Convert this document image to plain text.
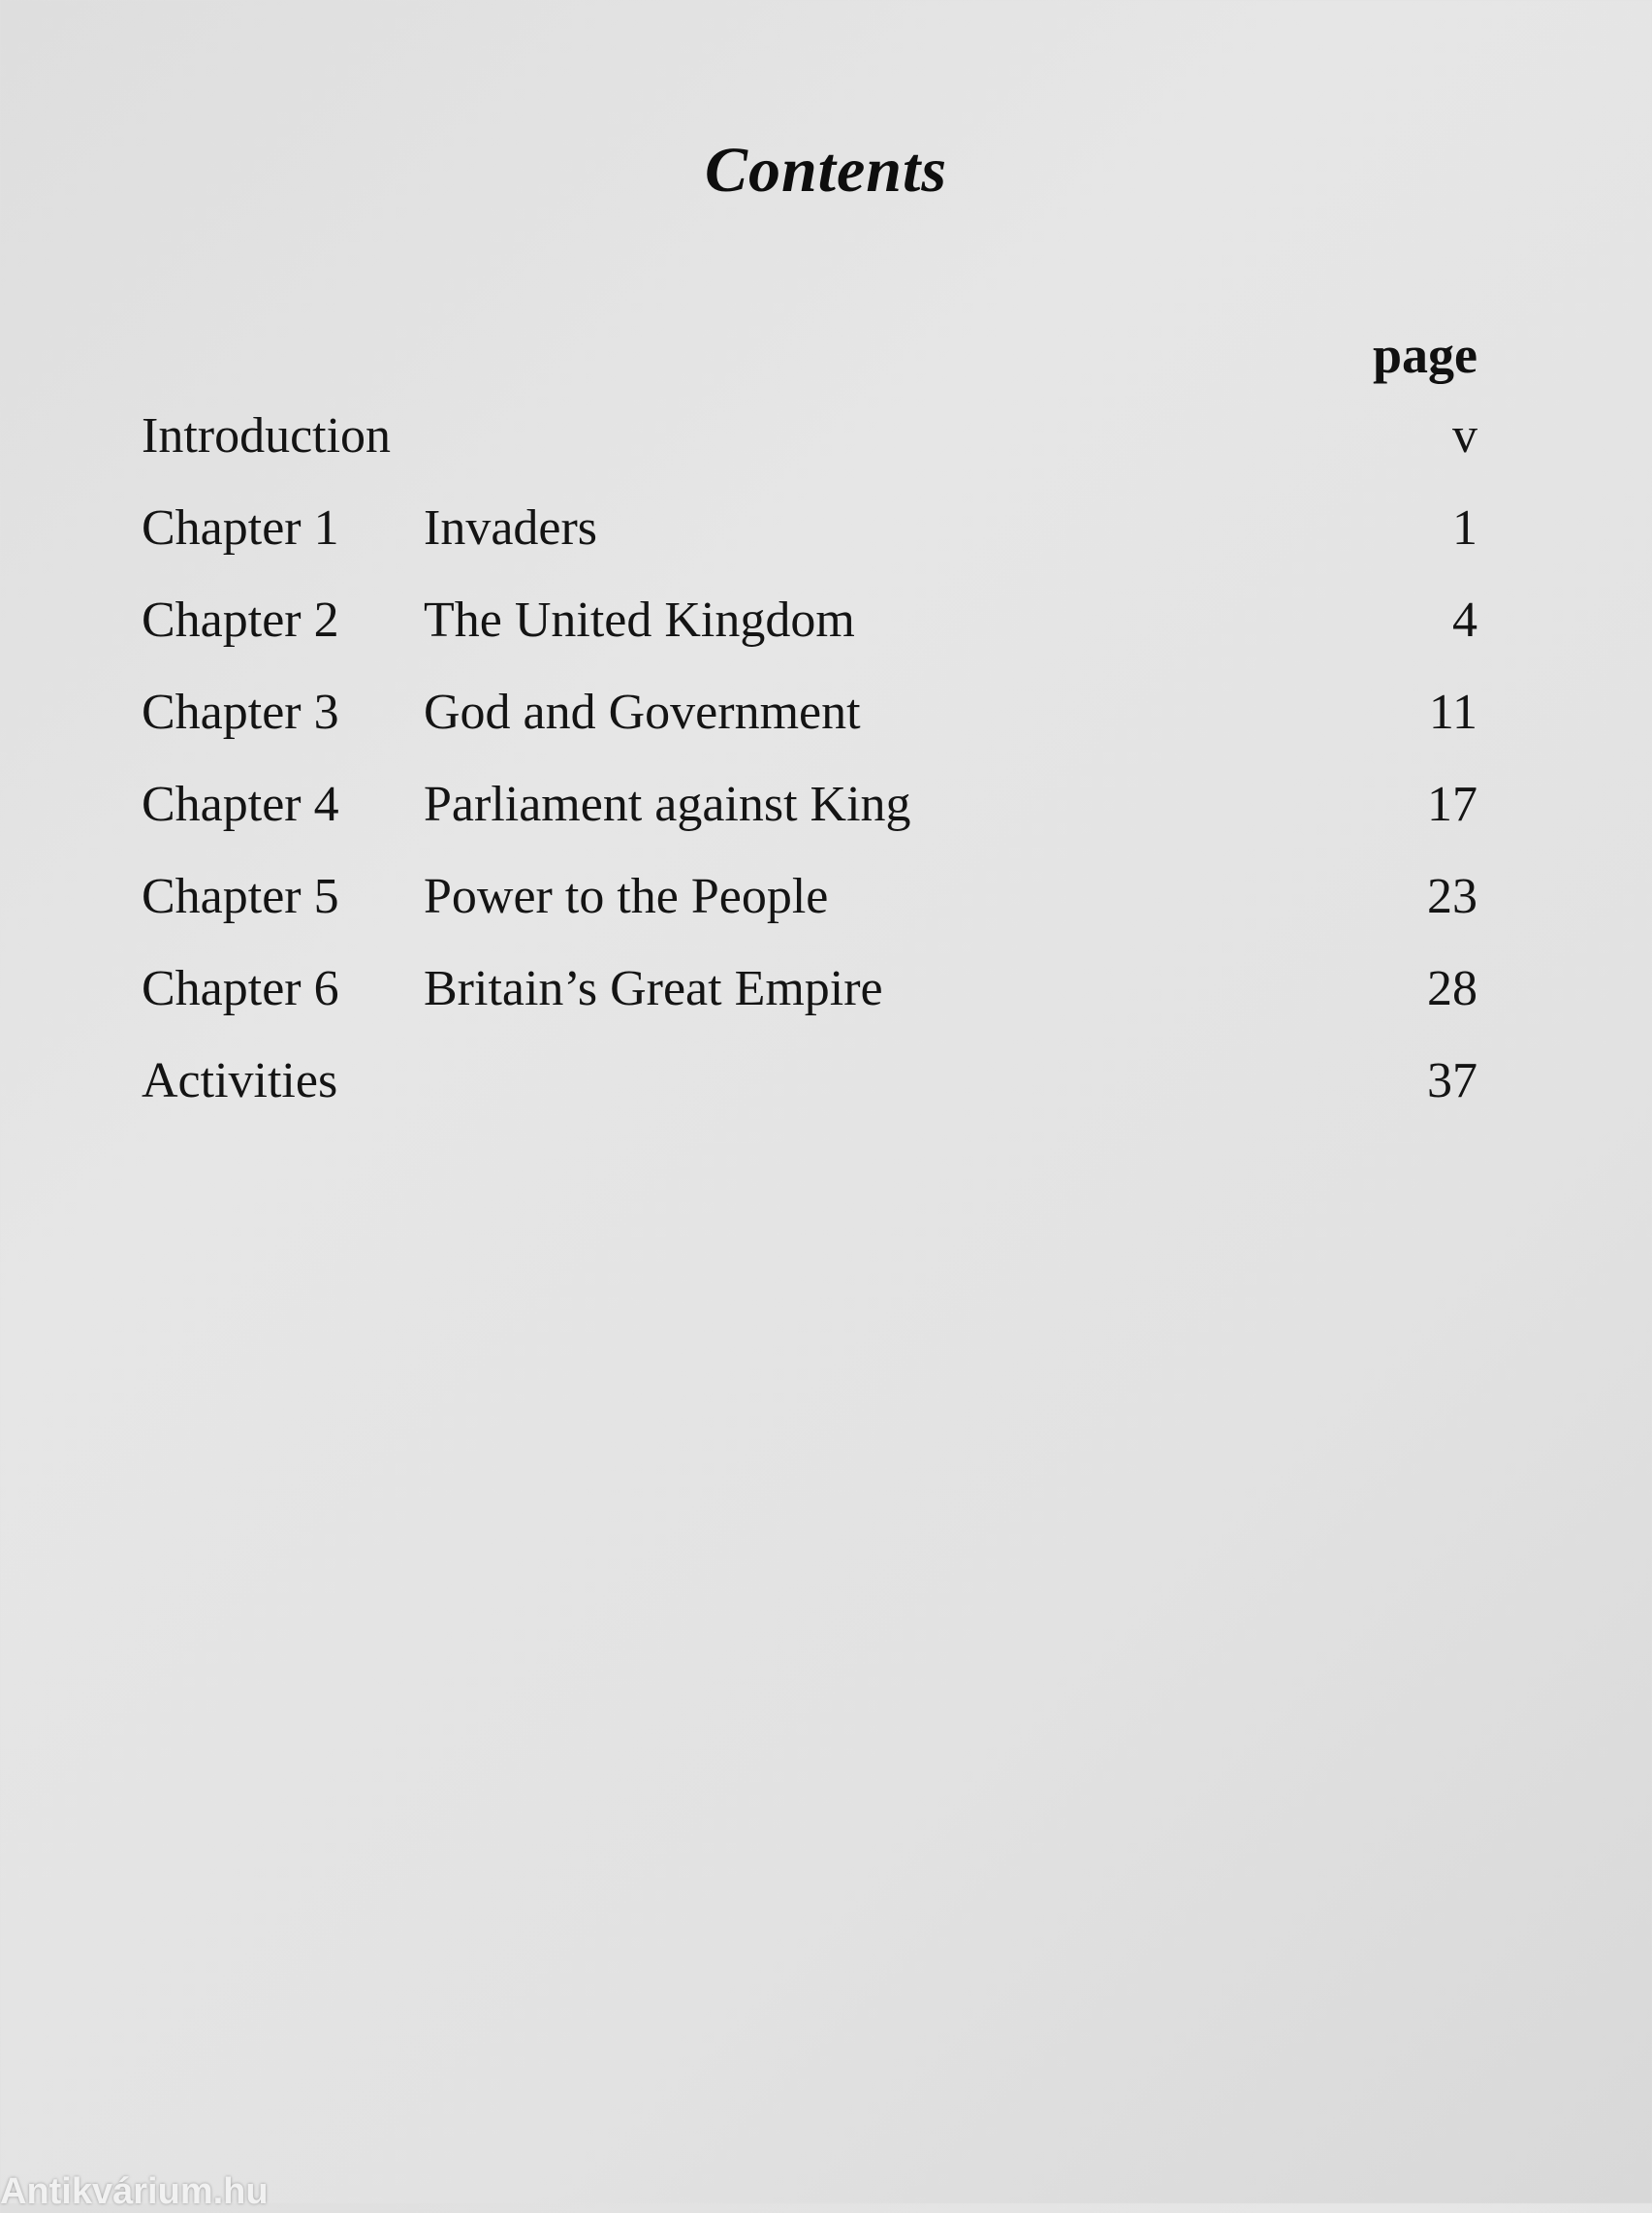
Contents
page
Introduction	v
Chapter 1 Invaders	1
Chapter 2 The United Kingdom	4
Chapter 3 God and Government	11
Chapter 4 Parliament against King	17
Chapter 5 Power to the People	23
Chapter 6 Britain’s Great Empire	28
Activities	37
Antikvárium.hu
